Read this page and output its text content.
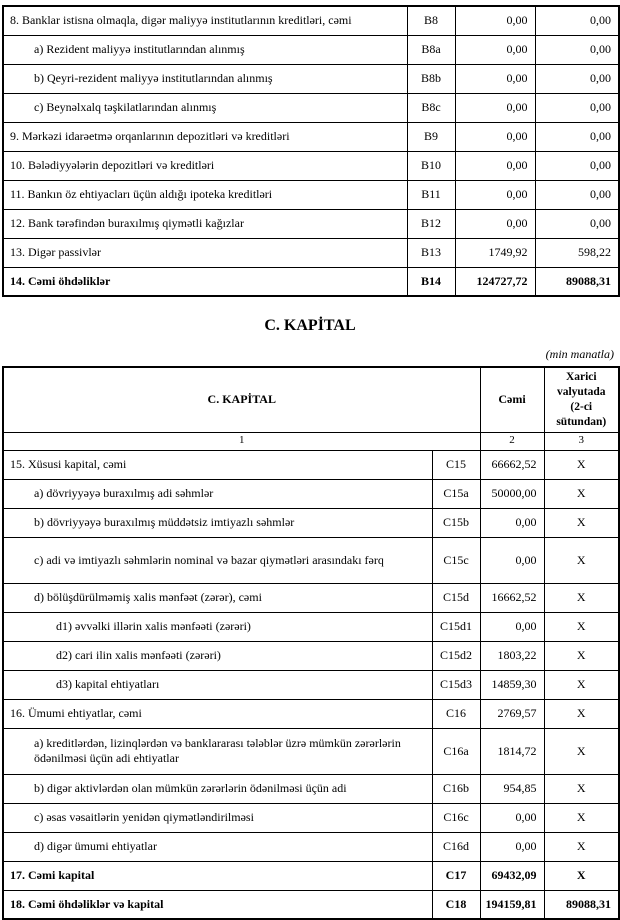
8. Banklar istisna olmaqla, digər maliyyə institutlarının kreditləri, cəmi	B8	0,00	0,00
a) Rezident maliyyə institutlarından alınmış	B8a	0,00	0,00
b) Qeyri-rezident maliyyə institutlarından alınmış	B8b	0,00	0,00
c) Beynəlxalq təşkilatlarından alınmış	B8c	0,00	0,00
9. Mərkəzi idarəetmə orqanlarının depozitləri və kreditləri	B9	0,00	0,00
10. Bələdiyyələrin depozitləri və kreditləri	B10	0,00	0,00
11. Bankın öz ehtiyacları üçün aldığı ipoteka kreditləri	B11	0,00	0,00
12. Bank tərəfindən buraxılmış qiymətli kağızlar	B12	0,00	0,00
13. Digər passivlər	B13	1749,92	598,22
14. Cəmi öhdəliklər	B14	124727,72	89088,31
C. KAPİTAL
(min manatla)
C. KAPİTAL		Cəmi	Xarici valyutada
(2-ci sütundan)

1		2	3
15. Xüsusi kapital, cəmi	C15	66662,52	X
a) dövriyyəyə buraxılmış adi səhmlər	C15a	50000,00	X
b) dövriyyəyə buraxılmış müddətsiz imtiyazlı səhmlər	C15b	0,00	X
c) adi və imtiyazlı səhmlərin nominal və bazar qiymətləri arasındakı fərq	C15c	0,00	X
d) bölüşdürülməmiş xalis mənfəət (zərər), cəmi	C15d	16662,52	X
d1) əvvəlki illərin xalis mənfəəti (zərəri)	C15d1	0,00	X
d2) cari ilin xalis mənfəəti (zərəri)	C15d2	1803,22	X
d3) kapital ehtiyatları	C15d3	14859,30	X
16. Ümumi ehtiyatlar, cəmi	C16	2769,57	X
a) kreditlərdən, lizinqlərdən və banklararası tələblər üzrə mümkün zərərlərin ödənilməsi üçün adi ehtiyatlar	C16a	1814,72	X
b) digər aktivlərdən olan mümkün zərərlərin ödənilməsi üçün adi	C16b	954,85	X
c) əsas vəsaitlərin yenidən qiymətləndirilməsi	C16c	0,00	X
d) digər ümumi ehtiyatlar	C16d	0,00	X
17. Cəmi kapital	C17	69432,09	X
18. Cəmi öhdəliklər və kapital	C18	194159,81	89088,31
